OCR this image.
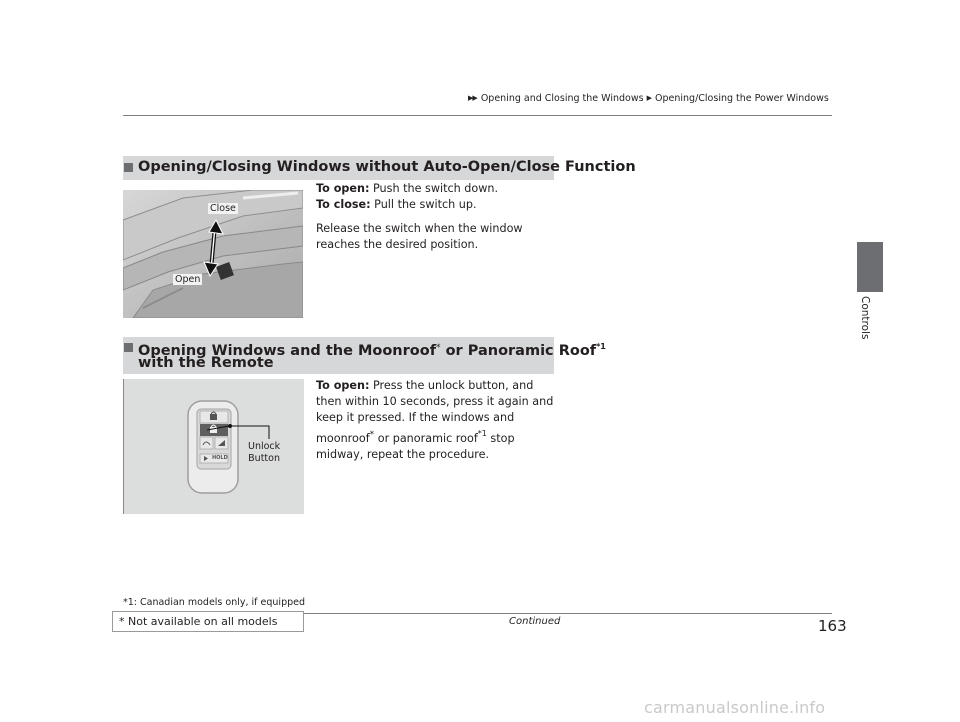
▶▶ Opening and Closing the Windows ▶ Opening/Closing the Power Windows
Controls
Opening/Closing Windows without Auto-Open/Close Function
Close
Open
To open: Push the switch down.
To close: Pull the switch up.
Release the switch when the window reaches the desired position.
Opening Windows and the Moonroof* or Panoramic Roof$^{*1}$
with the Remote
HOLD
Unlock
Button
To open: Press the unlock button, and then within 10 seconds, press it again and keep it pressed. If the windows and moonroof* or panoramic roof$^{*1}$ stop midway, repeat the procedure.
*1: Canadian models only, if equipped
Continued	163
* Not available on all models
carmanualsonline.info
